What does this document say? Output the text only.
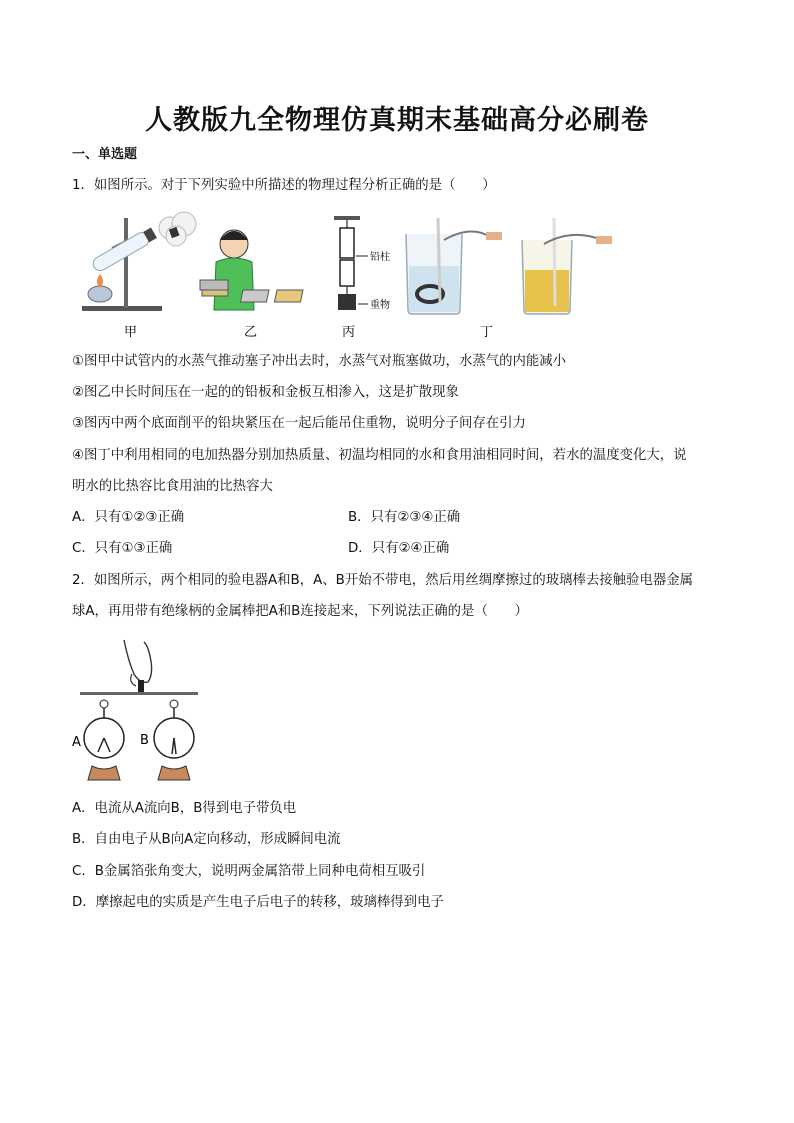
人教版九全物理仿真期末基础高分必刷卷
一、单选题
1．如图所示。对于下列实验中所描述的物理过程分析正确的是（　　）
甲	乙
铅柱
重物
丙	丁
①图甲中试管内的水蒸气推动塞子冲出去时，水蒸气对瓶塞做功，水蒸气的内能减小
②图乙中长时间压在一起的的铅板和金板互相渗入，这是扩散现象
③图丙中两个底面削平的铅块紧压在一起后能吊住重物，说明分子间存在引力
④图丁中利用相同的电加热器分别加热质量、初温均相同的水和食用油相同时间，若水的温度变化大，说
明水的比热容比食用油的比热容大
A．只有①②③正确	B．只有②③④正确
C．只有①③正确	D．只有②④正确
2．如图所示，两个相同的验电器A和B，A、B开始不带电，然后用丝绸摩擦过的玻璃棒去接触验电器金属
球A，再用带有绝缘柄的金属棒把A和B连接起来，下列说法正确的是（　　）
A	B
A．电流从A流向B，B得到电子带负电
B．自由电子从B向A定向移动，形成瞬间电流
C．B金属箔张角变大，说明两金属箔带上同种电荷相互吸引
D．摩擦起电的实质是产生电子后电子的转移，玻璃棒得到电子
